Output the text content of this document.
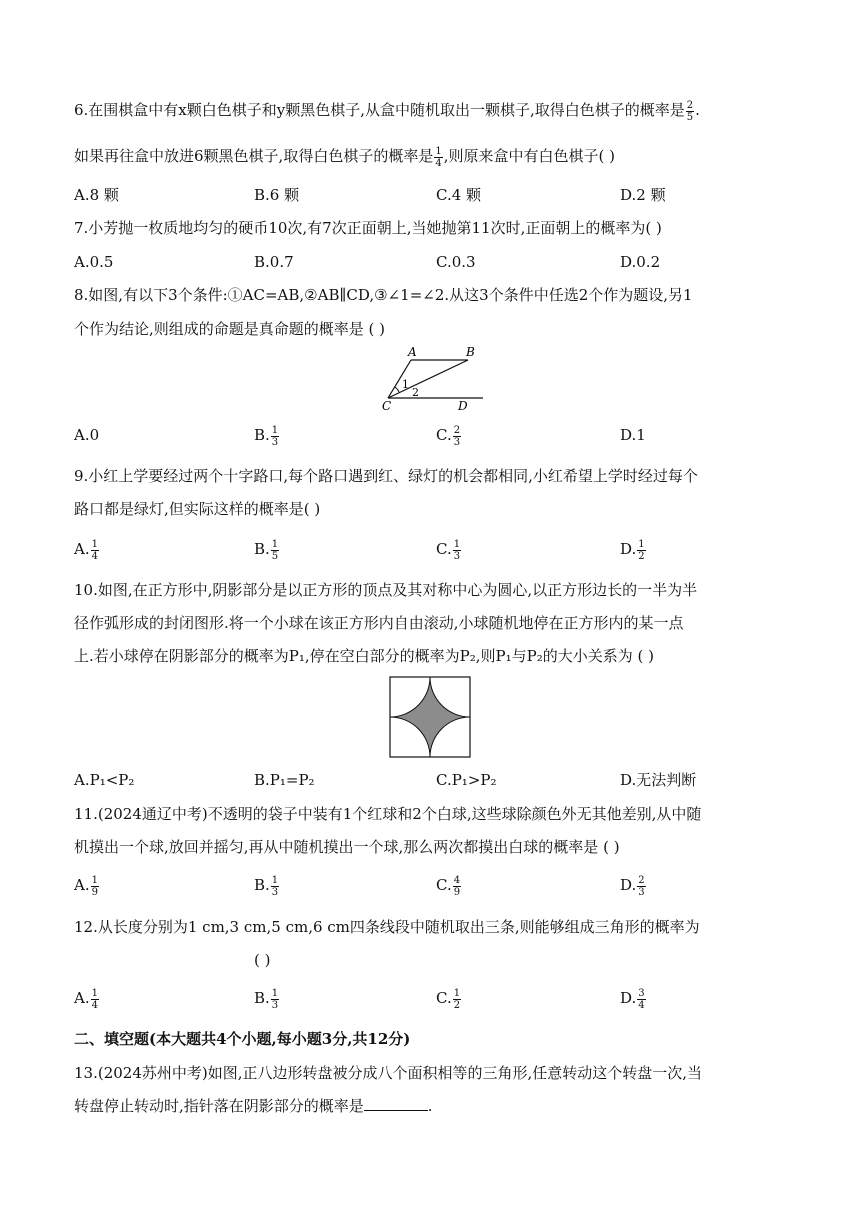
6.在围棋盒中有x颗白色棋子和y颗黑色棋子,从盒中随机取出一颗棋子,取得白色棋子的概率是 $\frac{2}{5}$ .
如果再往盒中放进6颗黑色棋子,取得白色棋子的概率是 $\frac{1}{4}$ ,则原来盒中有白色棋子( )
A.8 颗	B.6 颗	C.4 颗	D.2 颗
7.小芳抛一枚质地均匀的硬币10次,有7次正面朝上,当她抛第11次时,正面朝上的概率为( )
A.0.5	B.0.7	C.0.3	D.0.2
8.如图,有以下3个条件:①AC=AB,②AB∥CD,③∠1=∠2.从这3个条件中任选2个作为题设,另1
个作为结论,则组成的命题是真命题的概率是 ( )
A	B
C	D
1
2
A.0	B. $\frac{1}{3}$	C. $\frac{2}{3}$	D.1
9.小红上学要经过两个十字路口,每个路口遇到红、绿灯的机会都相同,小红希望上学时经过每个
路口都是绿灯,但实际这样的概率是( )
A. $\frac{1}{4}$	B. $\frac{1}{5}$	C. $\frac{1}{3}$	D. $\frac{1}{2}$
10.如图,在正方形中,阴影部分是以正方形的顶点及其对称中心为圆心,以正方形边长的一半为半
径作弧形成的封闭图形.将一个小球在该正方形内自由滚动,小球随机地停在正方形内的某一点
上.若小球停在阴影部分的概率为P₁,停在空白部分的概率为P₂,则P₁与P₂的大小关系为 ( )
A.P₁<P₂	B.P₁=P₂	C.P₁>P₂	D.无法判断
11.(2024通辽中考)不透明的袋子中装有1个红球和2个白球,这些球除颜色外无其他差别,从中随
机摸出一个球,放回并摇匀,再从中随机摸出一个球,那么两次都摸出白球的概率是 ( )
A. $\frac{1}{9}$	B. $\frac{1}{3}$	C. $\frac{4}{9}$	D. $\frac{2}{3}$
12.从长度分别为1 cm,3 cm,5 cm,6 cm四条线段中随机取出三条,则能够组成三角形的概率为
( )
A. $\frac{1}{4}$	B. $\frac{1}{3}$	C. $\frac{1}{2}$	D. $\frac{3}{4}$
二、填空题(本大题共4个小题,每小题3分,共12分)
13.(2024苏州中考)如图,正八边形转盘被分成八个面积相等的三角形,任意转动这个转盘一次,当
转盘停止转动时,指针落在阴影部分的概率是	.
